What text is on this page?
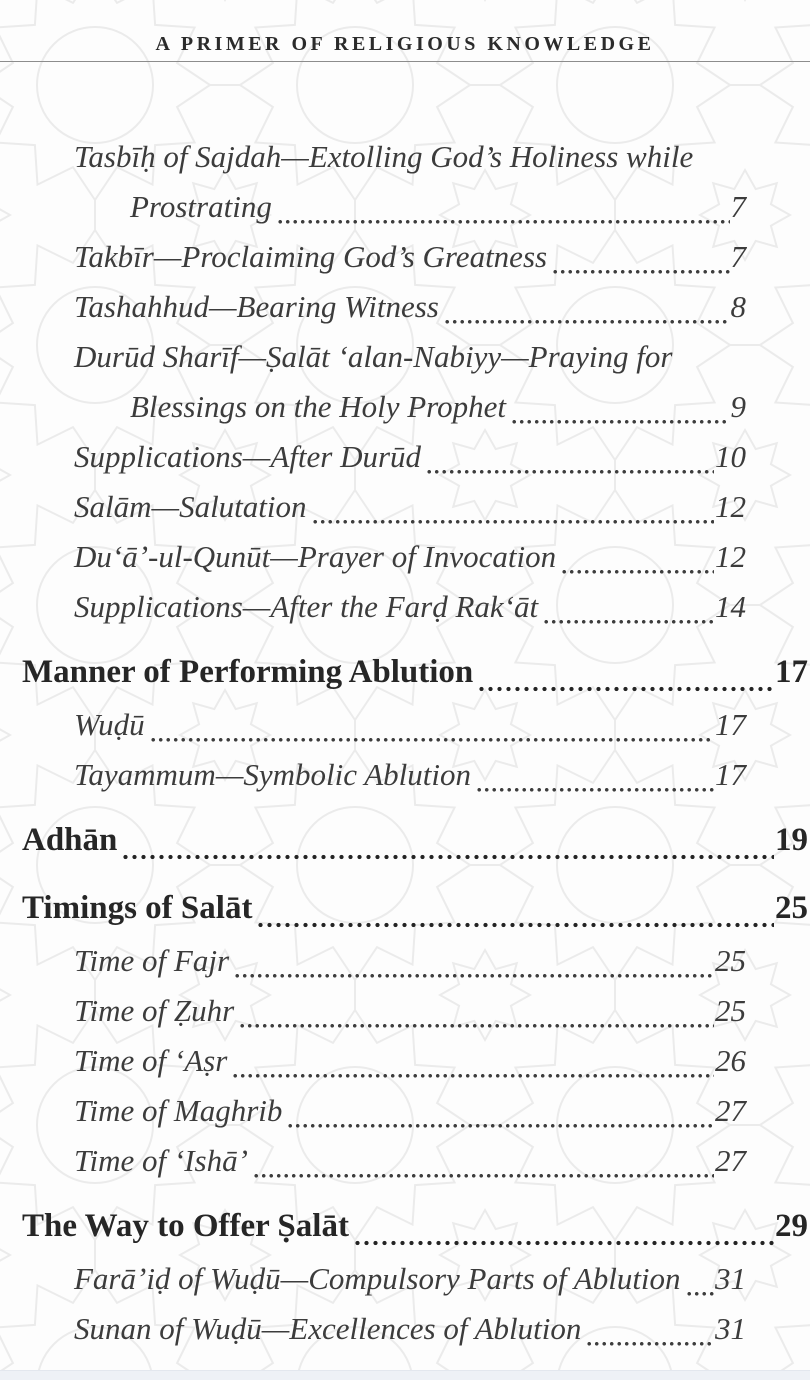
A PRIMER OF RELIGIOUS KNOWLEDGE
Tasbīḥ of Sajdah—Extolling God’s Holiness while
Prostrating	7
Takbīr—Proclaiming God’s Greatness	7
Tashahhud—Bearing Witness	8
Durūd Sharīf—Ṣalāt ʻalan-Nabiyy—Praying for
Blessings on the Holy Prophet	9
Supplications—After Durūd	10
Salām—Salutation	12
Duʻāʼ-ul-Qunūt—Prayer of Invocation	12
Supplications—After the Farḍ Rakʻāt	14
Manner of Performing Ablution	17
Wuḍū	17
Tayammum—Symbolic Ablution	17
Adhān	19
Timings of Salāt	25
Time of Fajr	25
Time of Ẓuhr	25
Time of ʻAṣr	26
Time of Maghrib	27
Time of ʻIshāʼ	27
The Way to Offer Ṣalāt	29
Farāʼiḍ of Wuḍū—Compulsory Parts of Ablution 31
Sunan of Wuḍū—Excellences of Ablution	31
